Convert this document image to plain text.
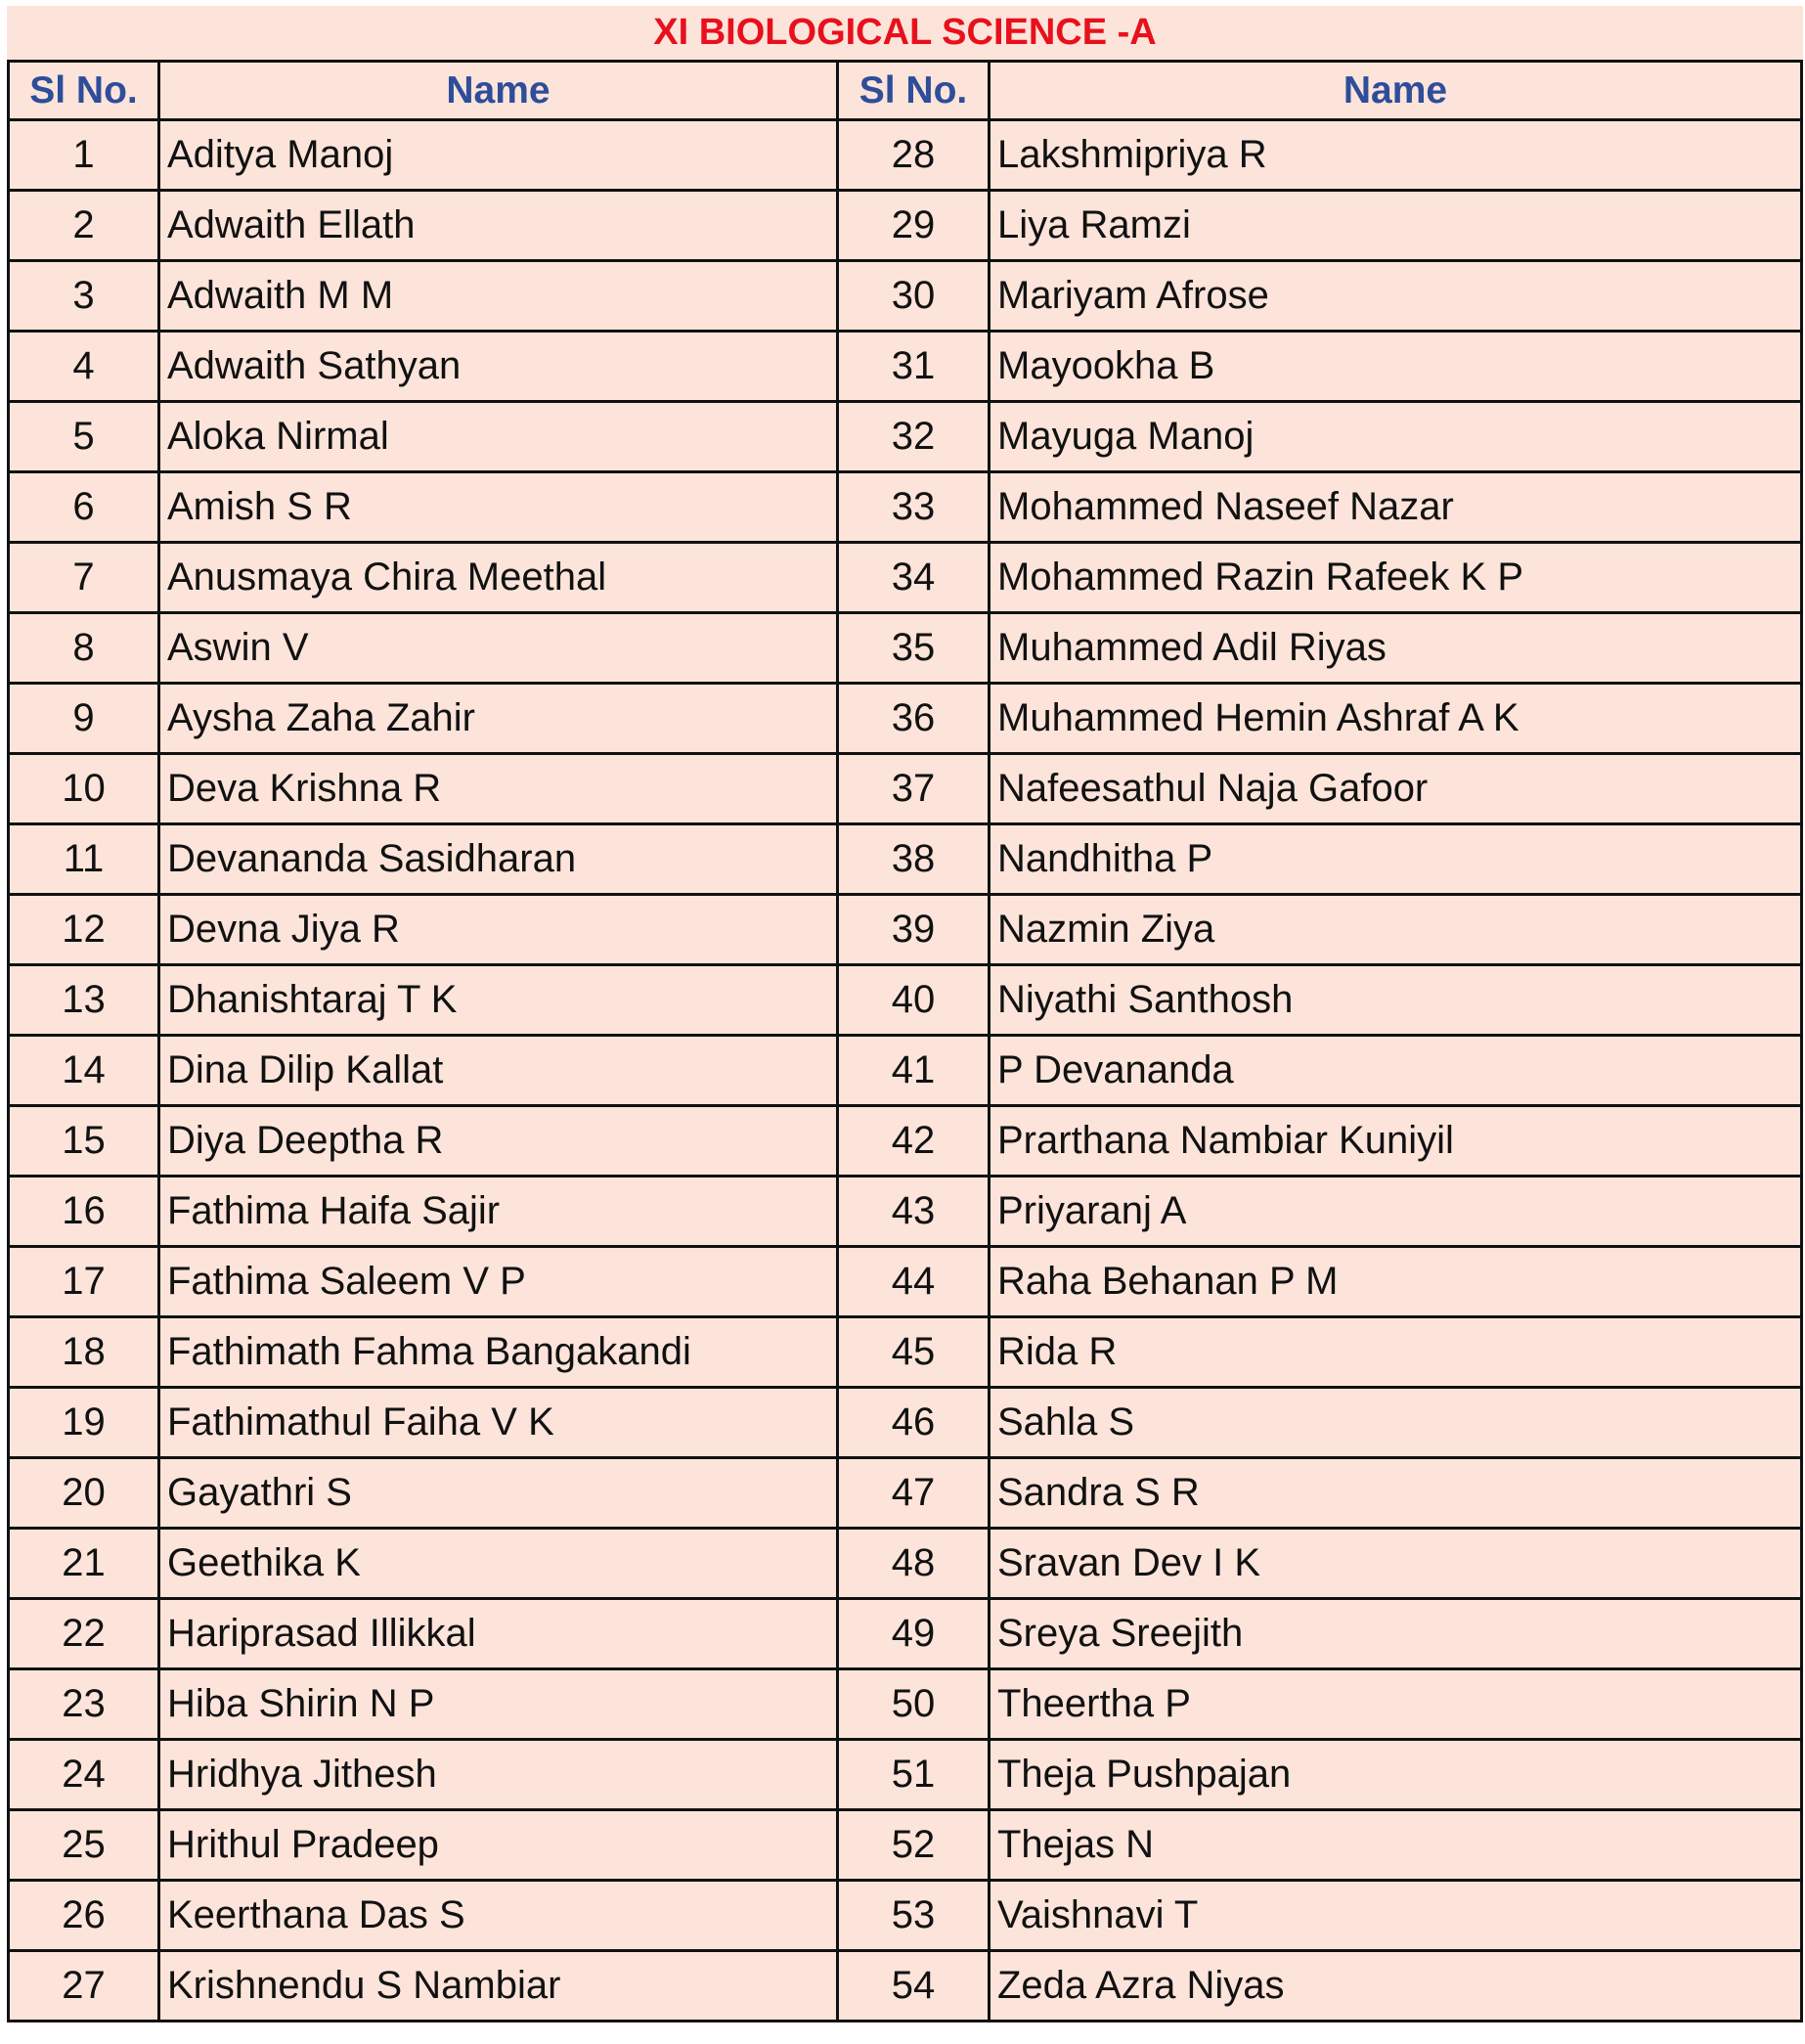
XI BIOLOGICAL SCIENCE -A			
Sl No.	Name	Sl No.	Name
1	Aditya Manoj	28	Lakshmipriya R
2	Adwaith Ellath	29	Liya Ramzi
3	Adwaith M M	30	Mariyam Afrose
4	Adwaith Sathyan	31	Mayookha B
5	Aloka Nirmal	32	Mayuga Manoj
6	Amish S R	33	Mohammed Naseef Nazar
7	Anusmaya Chira Meethal	34	Mohammed Razin Rafeek K P
8	Aswin V	35	Muhammed Adil Riyas
9	Aysha Zaha Zahir	36	Muhammed Hemin Ashraf A K
10	Deva Krishna R	37	Nafeesathul Naja Gafoor
11	Devananda Sasidharan	38	Nandhitha P
12	Devna Jiya R	39	Nazmin Ziya
13	Dhanishtaraj T K	40	Niyathi Santhosh
14	Dina Dilip Kallat	41	P Devananda
15	Diya Deeptha R	42	Prarthana Nambiar Kuniyil
16	Fathima Haifa Sajir	43	Priyaranj A
17	Fathima Saleem V P	44	Raha Behanan P M
18	Fathimath Fahma Bangakandi	45	Rida R
19	Fathimathul Faiha V K	46	Sahla S
20	Gayathri S	47	Sandra S R
21	Geethika K	48	Sravan Dev I K
22	Hariprasad Illikkal	49	Sreya Sreejith
23	Hiba Shirin N P	50	Theertha P
24	Hridhya Jithesh	51	Theja Pushpajan
25	Hrithul Pradeep	52	Thejas N
26	Keerthana Das S	53	Vaishnavi T
27	Krishnendu S Nambiar	54	Zeda Azra Niyas
